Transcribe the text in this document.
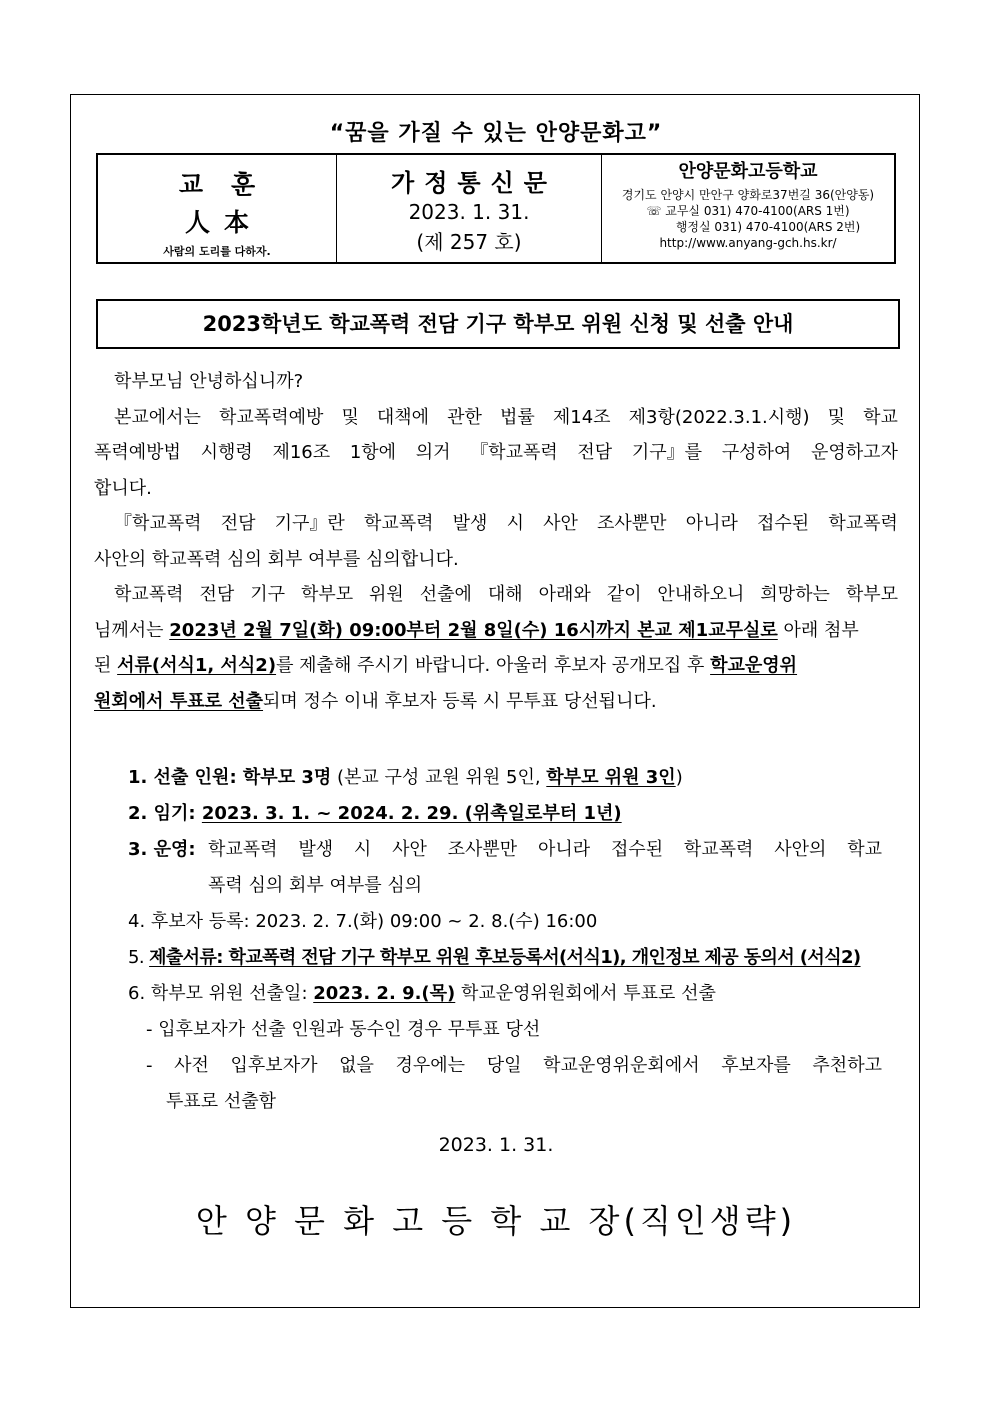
“꿈을 가질 수 있는 안양문화고”
교훈
人本
사람의 도리를 다하자.
가정통신문
2023. 1. 31.
(제 257 호)
안양문화고등학교
경기도 안양시 만안구 양화로37번길 36(안양동)
☏ 교무실 031) 470-4100(ARS 1번)
행정실 031) 470-4100(ARS 2번)
http://www.anyang-gch.hs.kr/
2023학년도 학교폭력 전담 기구 학부모 위원 신청 및 선출 안내

학부모님 안녕하십니까?

본교에서는 학교폭력예방 및 대책에 관한 법률 제14조 제3항(2022.3.1.시행) 및 학교

폭력예방법 시행령 제16조 1항에 의거 『학교폭력 전담 기구』를 구성하여 운영하고자

합니다.

『학교폭력 전담 기구』란 학교폭력 발생 시 사안 조사뿐만 아니라 접수된 학교폭력

사안의 학교폭력 심의 회부 여부를 심의합니다.

학교폭력 전담 기구 학부모 위원 선출에 대해 아래와 같이 안내하오니 희망하는 학부모

님께서는 2023년 2월 7일(화) 09:00부터 2월 8일(수) 16시까지 본교 제1교무실로 아래 첨부

된 서류(서식1, 서식2)를 제출해 주시기 바랍니다. 아울러 후보자 공개모집 후 학교운영위

원회에서 투표로 선출되며 정수 이내 후보자 등록 시 무투표 당선됩니다.

1. 선출 인원: 학부모 3명 (본교 구성 교원 위원 5인, 학부모 위원 3인)
2. 임기: 2023. 3. 1. ~ 2024. 2. 29. (위촉일로부터 1년)
3. 운영: 학교폭력 발생 시 사안 조사뿐만 아니라 접수된 학교폭력 사안의 학교
폭력 심의 회부 여부를 심의
4. 후보자 등록: 2023. 2. 7.(화) 09:00 ~ 2. 8.(수) 16:00
5. 제출서류: 학교폭력 전담 기구 학부모 위원 후보등록서(서식1), 개인정보 제공 동의서 (서식2)
6. 학부모 위원 선출일: 2023. 2. 9.(목) 학교운영위원회에서 투표로 선출
- 입후보자가 선출 인원과 동수인 경우 무투표 당선
- 사전 입후보자가 없을 경우에는 당일 학교운영위운회에서 후보자를 추천하고
투표로 선출함
2023. 1. 31.
안 양 문 화 고 등 학 교 장(직인생략)
